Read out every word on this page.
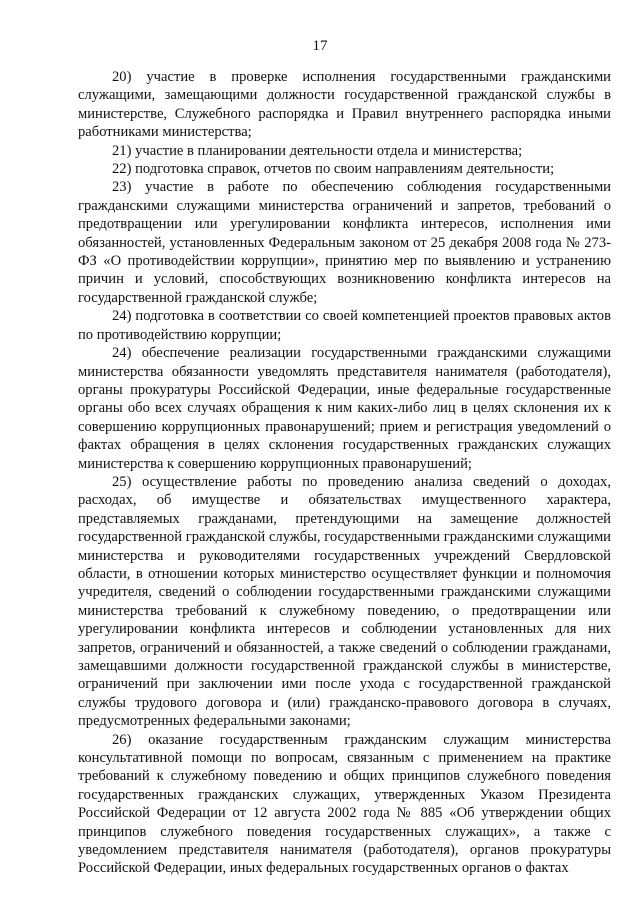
17

20) участие в проверке исполнения государственными гражданскими служащими, замещающими должности государственной гражданской службы в министерстве, Служебного распорядка и Правил внутреннего распорядка иными работниками министерства;

21) участие в планировании деятельности отдела и министерства;

22) подготовка справок, отчетов по своим направлениям деятельности;

23) участие в работе по обеспечению соблюдения государственными гражданскими служащими министерства ограничений и запретов, требований о предотвращении или урегулировании конфликта интересов, исполнения ими обязанностей, установленных Федеральным законом от 25 декабря 2008 года № 273-ФЗ «О противодействии коррупции», принятию мер по выявлению и устранению причин и условий, способствующих возникновению конфликта интересов на государственной гражданской службе;

24) подготовка в соответствии со своей компетенцией проектов правовых актов по противодействию коррупции;

24) обеспечение реализации государственными гражданскими служащими министерства обязанности уведомлять представителя нанимателя (работодателя), органы прокуратуры Российской Федерации, иные федеральные государственные органы обо всех случаях обращения к ним каких-либо лиц в целях склонения их к совершению коррупционных правонарушений; прием и регистрация уведомлений о фактах обращения в целях склонения государственных гражданских служащих министерства к совершению коррупционных правонарушений;

25) осуществление работы по проведению анализа сведений о доходах, расходах, об имуществе и обязательствах имущественного характера, представляемых гражданами, претендующими на замещение должностей государственной гражданской службы, государственными гражданскими служащими министерства и руководителями государственных учреждений Свердловской области, в отношении которых министерство осуществляет функции и полномочия учредителя, сведений о соблюдении государственными гражданскими служащими министерства требований к служебному поведению, о предотвращении или урегулировании конфликта интересов и соблюдении установленных для них запретов, ограничений и обязанностей, а также сведений о соблюдении гражданами, замещавшими должности государственной гражданской службы в министерстве, ограничений при заключении ими после ухода с государственной гражданской службы трудового договора и (или) гражданско-правового договора в случаях, предусмотренных федеральными законами;

26) оказание государственным гражданским служащим министерства консультативной помощи по вопросам, связанным с применением на практике требований к служебному поведению и общих принципов служебного поведения государственных гражданских служащих, утвержденных Указом Президента Российской Федерации от 12 августа 2002 года № 885 «Об утверждении общих принципов служебного поведения государственных служащих», а также с уведомлением представителя нанимателя (работодателя), органов прокуратуры Российской Федерации, иных федеральных государственных органов о фактах
